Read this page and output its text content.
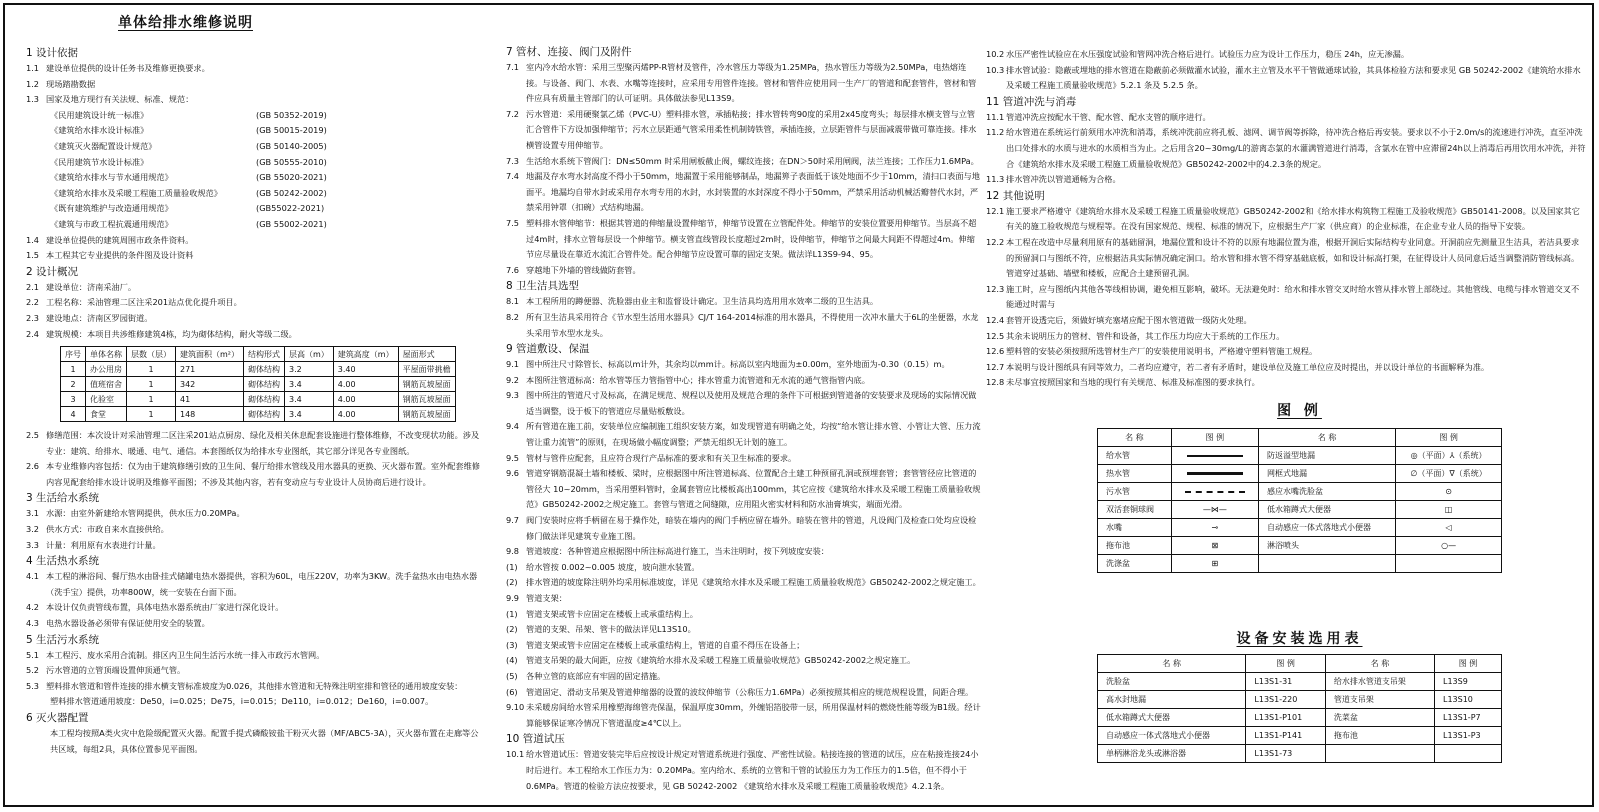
单体给排水维修说明
1 设计依据
1.1 建设单位提供的设计任务书及维修更换要求。
1.2 现场踏勘数据
1.3 国家及地方现行有关法规、标准、规范：
《民用建筑设计统一标准》	(GB 50352-2019)
《建筑给水排水设计标准》	(GB 50015-2019)
《建筑灭火器配置设计规范》	(GB 50140-2005)
《民用建筑节水设计标准》	(GB 50555-2010)
《建筑给水排水与节水通用规范》	(GB 55020-2021)
《建筑给水排水及采暖工程施工质量验收规范》	(GB 50242-2002)
《既有建筑维护与改造通用规范》	(GB55022-2021)
《建筑与市政工程抗震通用规范》	(GB 55002-2021)
1.4 建设单位提供的建筑周围市政条件资料。
1.5 本工程其它专业提供的条件图及设计资料
2 设计概况
2.1 建设单位：济南采油厂。
2.2 工程名称：采油管理二区注采201站点优化提升项目。
2.3 建设地点：济南区罗园街道。
2.4 建筑规模：本项目共涉维修建筑4栋，均为砌体结构，耐火等级二级。
序号	单体名称	层数（层）	建筑面积（m²）	结构形式	层高（m）	建筑高度（m）	屋面形式
1	办公用房	1	271	砌体结构	3.2	3.40	平屋面带挑檐
2	值班宿舍	1	342	砌体结构	3.4	4.00	钢筋瓦坡屋面
3	化验室	1	41	砌体结构	3.4	4.00	钢筋瓦坡屋面
4	食堂	1	148	砌体结构	3.4	4.00	钢筋瓦坡屋面
2.5 修缮范围：本次设计对采油管理二区注采201站点厨房、绿化及相关休息配套设施进行整体维修，不改变现状功能。涉及专业：建筑、给排水、暖通、电气、通信。本套图纸仅为给排水专业图纸，其它部分详见各专业图纸。
2.6 本专业维修内容包括：仅为由于建筑修缮引致的卫生间、餐厅给排水管线及用水器具的更换、灭火器布置。室外配套维修内容见配套给排水设计说明及维修平面图；不涉及其他内容，若有变动应与专业设计人员协商后进行设计。
3 生活给水系统
3.1 水源：由室外新建给水管网提供，供水压力0.20MPa。
3.2 供水方式：市政自来水直接供给。
3.3 计量：利用原有水表进行计量。
4 生活热水系统
4.1 本工程的淋浴间、餐厅热水由卧挂式储罐电热水器提供，容积为60L，电压220V，功率为3KW。洗手盆热水由电热水器（洗手宝）提供，功率800W，统一安装在台面下面。
4.2 本设计仅负责管线布置，具体电热水器系统由厂家进行深化设计。
4.3 电热水器设备必须带有保证使用安全的装置。
5 生活污水系统
5.1 本工程污、废水采用合流制。排区内卫生间生活污水统一排入市政污水管网。
5.2 污水管道的立管顶端设置伸顶通气管。
5.3 塑料排水管道和管件连接的排水横支管标准坡度为0.026，其他排水管道和无特殊注明室排和管径的通用坡度安装：
塑料排水管道通用坡度：De50，i=0.025；De75，i=0.015；De110，i=0.012；De160，i=0.007。
6 灭火器配置
本工程均按照A类火灾中危险级配置灭火器。配置手提式磷酸铵盐干粉灭火器（MF/ABC5-3A），灭火器布置在走廊等公共区域，每组2具，具体位置参见平面图。
7 管材、连接、阀门及附件
7.1 室内冷水给水管：采用三型聚丙烯PP-R管材及管件，冷水管压力等级为1.25MPa，热水管压力等级为2.50MPa，电热熔连接。与设备、阀门、水表、水嘴等连接时，应采用专用管件连接。管材和管件应使用同一生产厂的管道和配套管件，管材和管件应具有质量主管部门的认可证明。具体做法参见L13S9。
7.2 污水管道：采用硬聚氯乙烯（PVC-U）塑料排水管，承插粘接；排水管转弯90度的采用2x45度弯头；每层排水横支管与立管汇合管件下方设加强伸缩节；污水立层距通气管采用柔性机制铸铁管，承插连接，立层距管件与层面减震带做可靠连接。排水横管设置专用伸缩节。
7.3 生活给水系统下管阀门：DN≤50mm 时采用闸板截止阀，螺纹连接；在DN＞50时采用闸阀，法兰连接；工作压力1.6MPa。
7.4 地漏及存水弯水封高度不得小于50mm，地漏置于采用能够制品，地漏箅子表面低于该处地面不少于10mm，清扫口表面与地面平。地漏均自带水封或采用存水弯专用的水封，水封装置的水封深度不得小于50mm，严禁采用活动机械活瓣替代水封，严禁采用钟罩（扣碗）式结构地漏。
7.5 塑料排水管伸缩节：根据其管道的伸缩量设置伸缩节，伸缩节设置在立管配件处。伸缩节的安装位置要用伸缩节。当层高不超过4m时，排水立管每层设一个伸缩节。横支管直线管段长度超过2m时，设伸缩节，伸缩节之间最大间距不得超过4m。伸缩节应尽量设在靠近水流汇合管件处。配合伸缩节应设置可靠的固定支架。做法详L13S9-94、95。
7.6 穿越地下外墙的管线做防套管。
8 卫生洁具选型
8.1 本工程所用的蹲便器、洗脸器由业主和监督设计确定。卫生洁具均选用用水效率二级的卫生洁具。
8.2 所有卫生洁具采用符合《节水型生活用水器具》CJ/T 164-2014标准的用水器具，不得使用一次冲水量大于6L的坐便器，水龙头采用节水型水龙头。
9 管道敷设、保温
9.1 图中所注尺寸除管长、标高以m计外，其余均以mm计。标高以室内地面为±0.00m，室外地面为-0.30（0.15）m。
9.2 本图所注管道标高：给水管等压力管指管中心；排水管重力流管道和无水流的通气管指管内底。
9.3 图中所注的管道尺寸及标高，在满足规范、规程以及使用及规范合理的条件下可根据到管道备的安装要求及现场的实际情况做适当调整，设于板下的管道应尽量贴板敷设。
9.4 所有管道在施工前，安装单位应编制施工组织安装方案，如发现管道有明确之处，均按“给水管让排水管、小管让大管、压力流管让重力流管”的原则，在现场做小幅度调整；严禁无组织无计划的施工。
9.5 管材与管件应配套，且应符合现行产品标准的要求和有关卫生标准的要求。
9.6 管道穿钢筋混凝土墙和楼板、梁时，应根据图中所注管道标高、位置配合土建工种预留孔洞或预埋套管；套管管径应比管道的管径大 10~20mm，当采用塑料管时，金属套管应比楼板高出100mm，其它应按《建筑给水排水及采暖工程施工质量验收规范》GB50242-2002之规定施工。套管与管道之间缝隙，应用阻火密实材料和防水油膏填实，端面光滑。
9.7 阀门安装时应将手柄留在易于操作处，暗装在墙内的阀门手柄应留在墙外。暗装在管井的管道，凡设阀门及检查口处均应设检修门做法详见建筑专业施工图。
9.8 管道坡度：各种管道应根据图中所注标高进行施工，当未注明时，按下列坡度安装：
(1)	给水管按 0.002~0.005 坡度，坡向泄水装置。
(2)	排水管道的坡度除注明外均采用标准坡度，详见《建筑给水排水及采暖工程施工质量验收规范》GB50242-2002之规定施工。
9.9 管道支架：
(1)	管道支架或管卡应固定在楼板上或承重结构上。
(2)	管道的支架、吊架、管卡的做法详见L13S10。
(3)	管道支架或管卡应固定在楼板上或承重结构上，管道的自重不得压在设备上；
(4)	管道支吊架的最大间距，应按《建筑给水排水及采暖工程施工质量验收规范》GB50242-2002之规定施工。
(5)	各种立管的底部应有牢固的固定措施。
(6)	管道固定、滑动支吊架及管道伸缩器的设置的波纹伸缩节（公称压力1.6MPa）必须按照其相应的规范规程设置，间距合理。
9.10 未采暖房间给水管采用橡塑海绵管壳保温，保温厚度30mm，外缠铝箔胶带一层，所用保温材料的燃烧性能等级为B1级。经计算能够保证寒冷情况下管道温度≥4℃以上。
10 管道试压
10.1 给水管道试压：管道安装完毕后应按设计规定对管道系统进行强度、严密性试验。粘接连接的管道的试压，应在粘接连接24小时后进行。本工程给水工作压力为：0.20MPa。室内给水、系统的立管和干管的试验压力为工作压力的1.5倍，但不得小于0.6MPa。管道的检验方法应按要求，见 GB 50242-2002 《建筑给水排水及采暖工程施工质量验收规范》4.2.1条。
10.2 水压严密性试验应在水压强度试验和管网冲洗合格后进行。试验压力应为设计工作压力，稳压 24h，应无渗漏。
10.3 排水管试验：隐蔽或埋地的排水管道在隐蔽前必须做灌水试验，灌水主立管及水平干管做通球试验，其具体检验方法和要求见 GB 50242-2002《建筑给水排水及采暖工程施工质量验收规范》5.2.1 条及 5.2.5 条。
11 管道冲洗与消毒
11.1 管道冲洗应按配水干管、配水管、配水支管的顺序进行。
11.2 给水管道在系统运行前须用水冲洗和消毒，系统冲洗前应将孔板、滤网、调节阀等拆除，待冲洗合格后再安装。要求以不小于2.0m/s的流速进行冲洗，直至冲洗出口处排水的水质与进水的水质相当为止。之后用含20~30mg/L的游离态氯的水灌满管道进行消毒，含氯水在管中应滞留24h以上消毒后再用饮用水冲洗，并符合《建筑给水排水及采暖工程施工质量验收规范》GB50242-2002中的4.2.3条的规定。
11.3 排水管冲洗以管道通畅为合格。
12 其他说明
12.1 施工要求严格遵守《建筑给水排水及采暖工程施工质量验收规范》GB50242-2002和《给水排水构筑物工程施工及验收规范》GB50141-2008。以及国家其它有关的施工验收规范与规程等。在没有国家规范、规程、标准的情况下，应根据生产厂家（供应商）的企业标准，在企业专业人员的指导下安装。
12.2 本工程在改造中尽量利用原有的基础留洞，地漏位置和设计不符的以原有地漏位置为准，根据开洞后实际结构专业同意。开洞前应先测量卫生洁具，若洁具要求的预留洞口与图纸不符，应根据洁具实际情况确定洞口。给水管和排水管不得穿基础底板，如和设计标高打架，在征得设计人员同意后适当调整消防管线标高。管道穿过基础、墙壁和楼板，应配合土建预留孔洞。
12.3 施工时，应与图纸内其他各等线相协调，避免相互影响，破坏。无法避免时：给水和排水管交叉时给水管从排水管上部绕过。其他管线、电缆与排水管道交叉不能通过时需与
12.4 套管开设透完后，须做好填充塞堵应配于图水管道做一级防火处理。
12.5 其余未说明压力的管材、管件和设备，其工作压力均应大于系统的工作压力。
12.6 塑料管的安装必须按照所选管材生产厂的安装使用说明书，严格遵守塑料管施工规程。
12.7 本说明与设计图纸具有同等效力，二者均应遵守，若二者有矛盾时，建设单位及施工单位应及时提出，并以设计单位的书面解释为准。
12.8 未尽事宜按照国家和当地的现行有关规范、标准及标准图的要求执行。
图 例
名 称	图 例	名 称	图 例
给水管		防返溢型地漏	◎（平面）⅄（系统）
热水管		网框式地漏	∅（平面）∇（系统）
污水管		感应水嘴洗脸盆	⊙
双活套铜球阀	—⋈—	低水箱蹲式大便器	◫
水嘴	⊸	自动感应一体式落地式小便器	◁
拖布池	⊠	淋浴喷头	○—
洗涤盆	⊞		
设备安装选用表
名 称	图 例	名 称	图 例
洗脸盆	L13S1-31	给水排水管道支吊架	L13S9
高水封地漏	L13S1-220	管道支吊架	L13S10
低水箱蹲式大便器	L13S1-P101	洗菜盆	L13S1-P7
自动感应一体式落地式小便器	L13S1-P141	拖布池	L13S1-P3
单柄淋浴龙头或淋浴器	L13S1-73		
